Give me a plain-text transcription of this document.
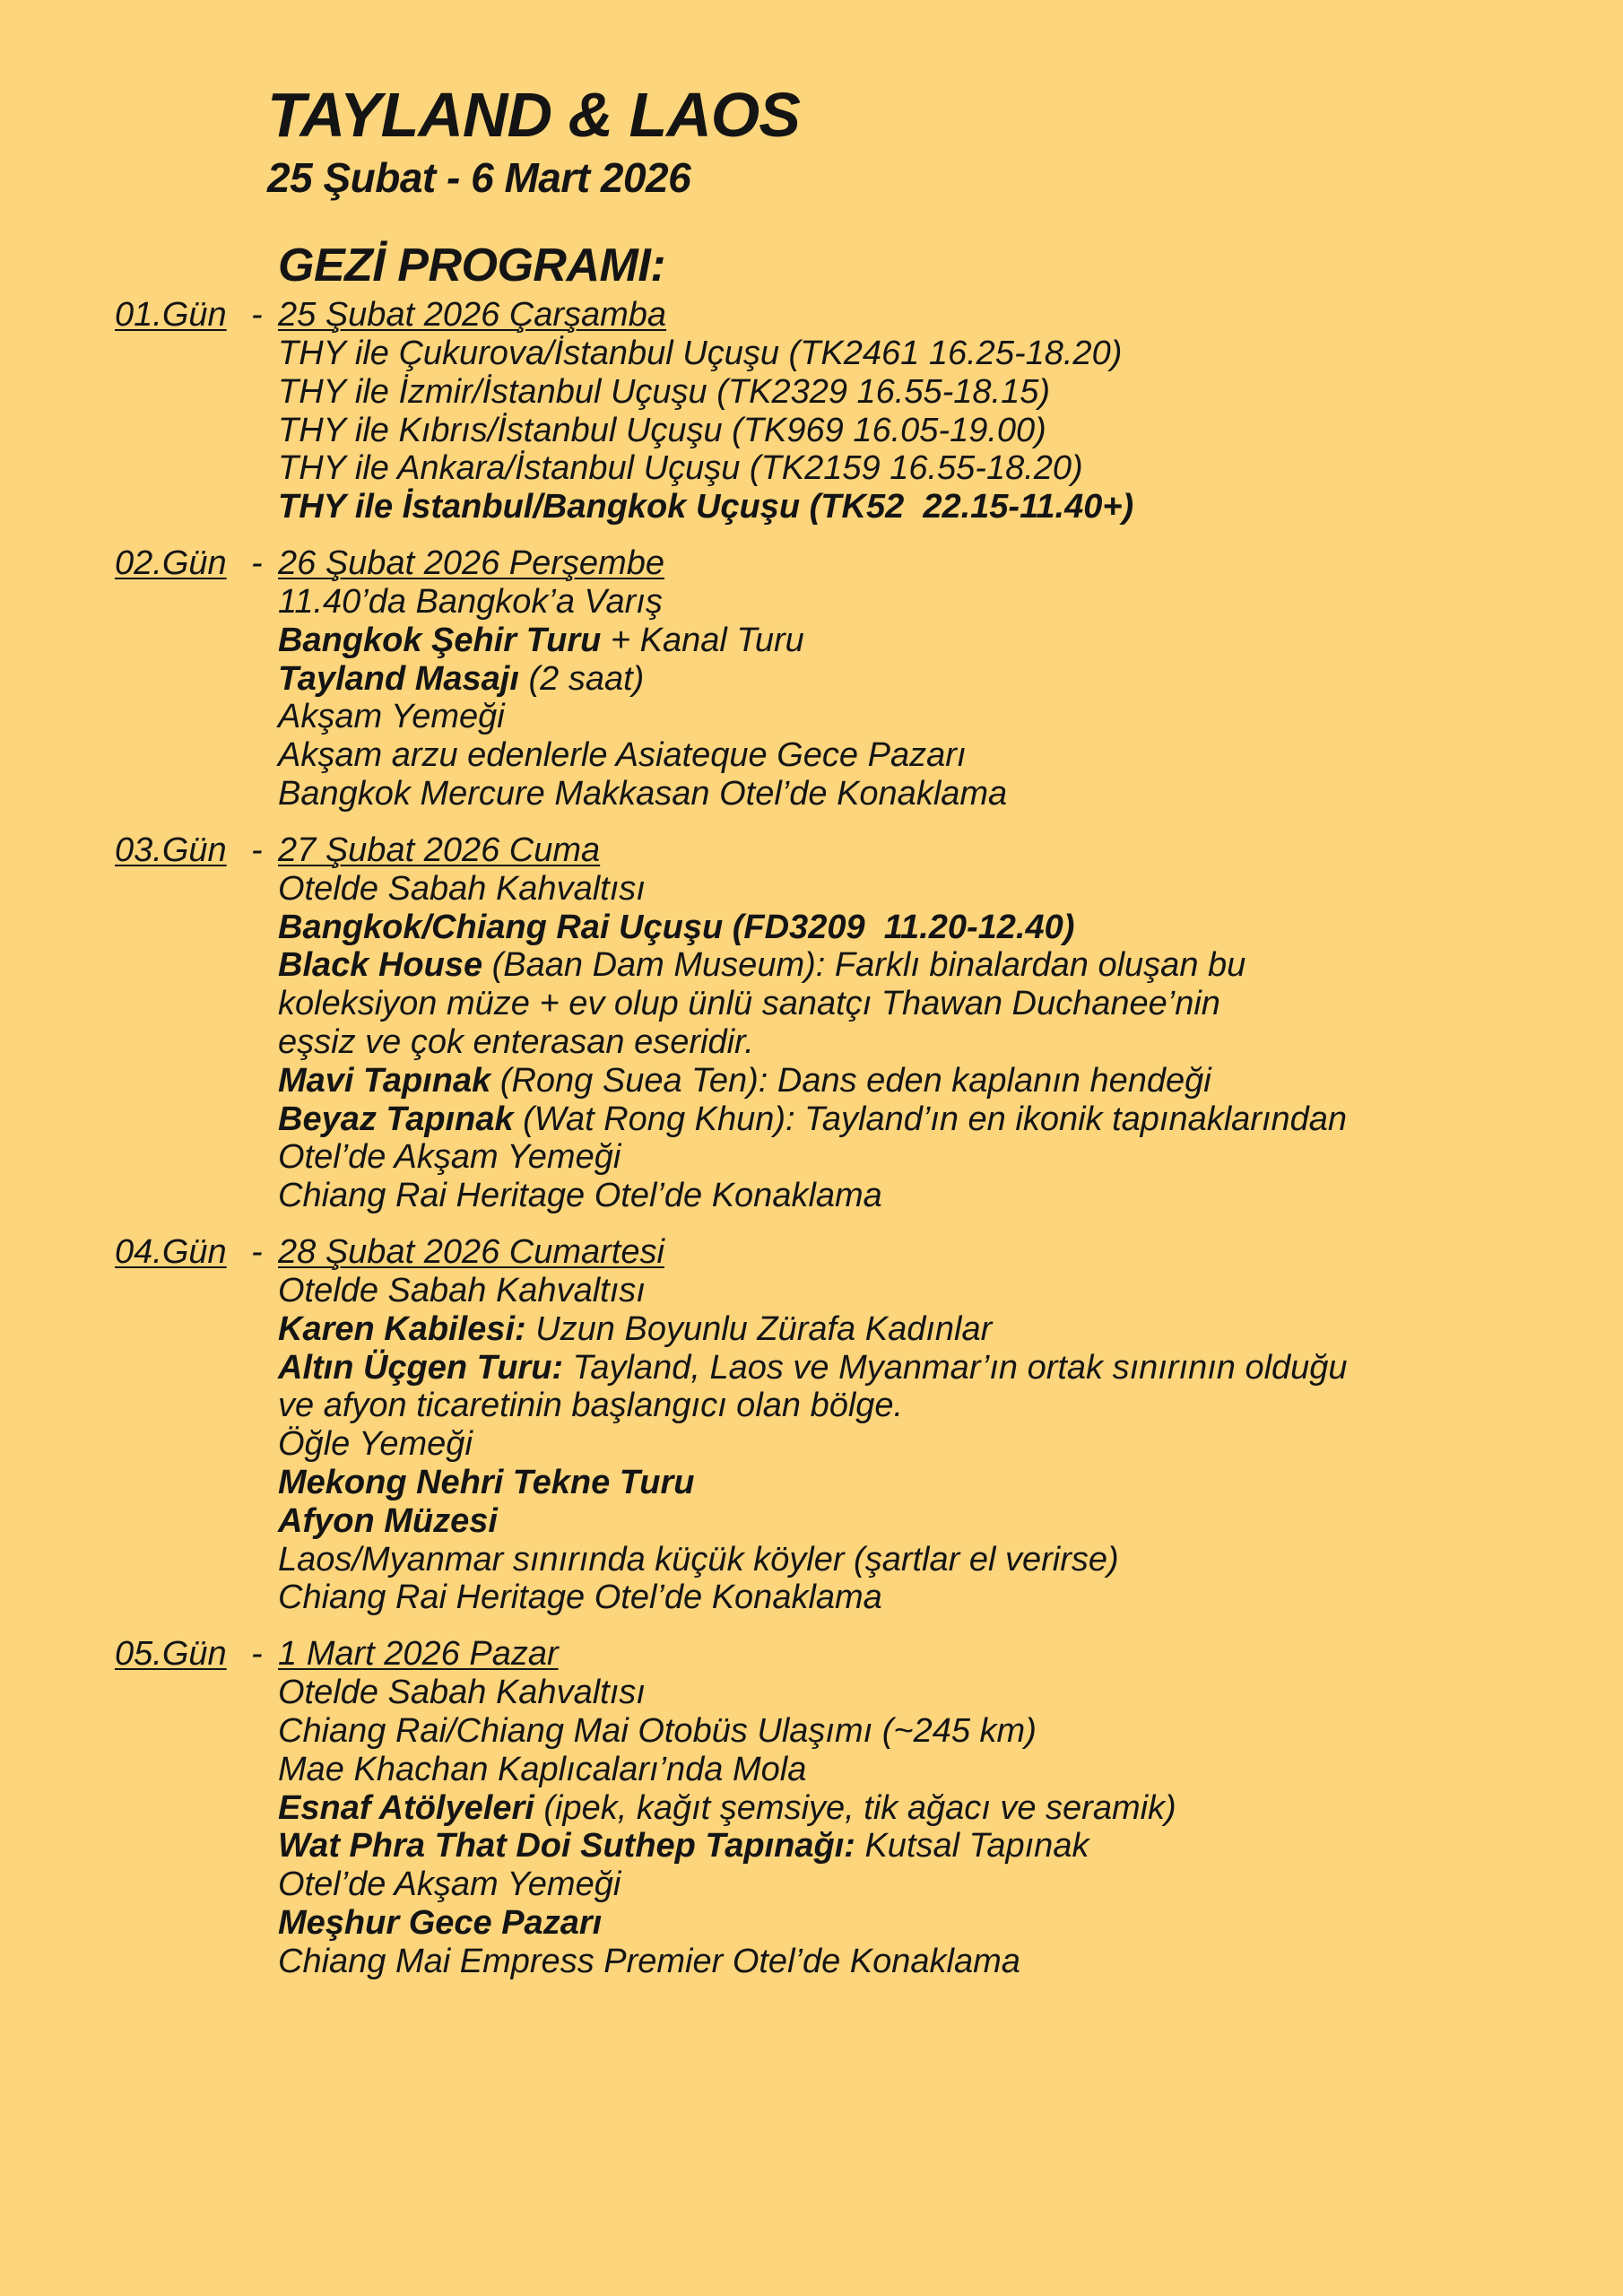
TAYLAND & LAOS
25 Şubat - 6 Mart 2026
GEZİ PROGRAMI:
01.Gün - 25 Şubat 2026 Çarşamba
THY ile Çukurova/İstanbul Uçuşu (TK2461 16.25-18.20)
THY ile İzmir/İstanbul Uçuşu (TK2329 16.55-18.15)
THY ile Kıbrıs/İstanbul Uçuşu (TK969 16.05-19.00)
THY ile Ankara/İstanbul Uçuşu (TK2159 16.55-18.20)
THY ile İstanbul/Bangkok Uçuşu (TK52  22.15-11.40+)
02.Gün - 26 Şubat 2026 Perşembe
11.40’da Bangkok’a Varış
Bangkok Şehir Turu + Kanal Turu
Tayland Masajı (2 saat)
Akşam Yemeği
Akşam arzu edenlerle Asiateque Gece Pazarı
Bangkok Mercure Makkasan Otel’de Konaklama
03.Gün - 27 Şubat 2026 Cuma
Otelde Sabah Kahvaltısı
Bangkok/Chiang Rai Uçuşu (FD3209  11.20-12.40)
Black House (Baan Dam Museum): Farklı binalardan oluşan bu
koleksiyon müze + ev olup ünlü sanatçı Thawan Duchanee’nin
eşsiz ve çok enterasan eseridir.
Mavi Tapınak (Rong Suea Ten): Dans eden kaplanın hendeği
Beyaz Tapınak (Wat Rong Khun): Tayland’ın en ikonik tapınaklarından
Otel’de Akşam Yemeği
Chiang Rai Heritage Otel’de Konaklama
04.Gün - 28 Şubat 2026 Cumartesi
Otelde Sabah Kahvaltısı
Karen Kabilesi: Uzun Boyunlu Zürafa Kadınlar
Altın Üçgen Turu: Tayland, Laos ve Myanmar’ın ortak sınırının olduğu
ve afyon ticaretinin başlangıcı olan bölge.
Öğle Yemeği
Mekong Nehri Tekne Turu
Afyon Müzesi
Laos/Myanmar sınırında küçük köyler (şartlar el verirse)
Chiang Rai Heritage Otel’de Konaklama
05.Gün - 1 Mart 2026 Pazar
Otelde Sabah Kahvaltısı
Chiang Rai/Chiang Mai Otobüs Ulaşımı (~245 km)
Mae Khachan Kaplıcaları’nda Mola
Esnaf Atölyeleri (ipek, kağıt şemsiye, tik ağacı ve seramik)
Wat Phra That Doi Suthep Tapınağı: Kutsal Tapınak
Otel’de Akşam Yemeği
Meşhur Gece Pazarı
Chiang Mai Empress Premier Otel’de Konaklama
